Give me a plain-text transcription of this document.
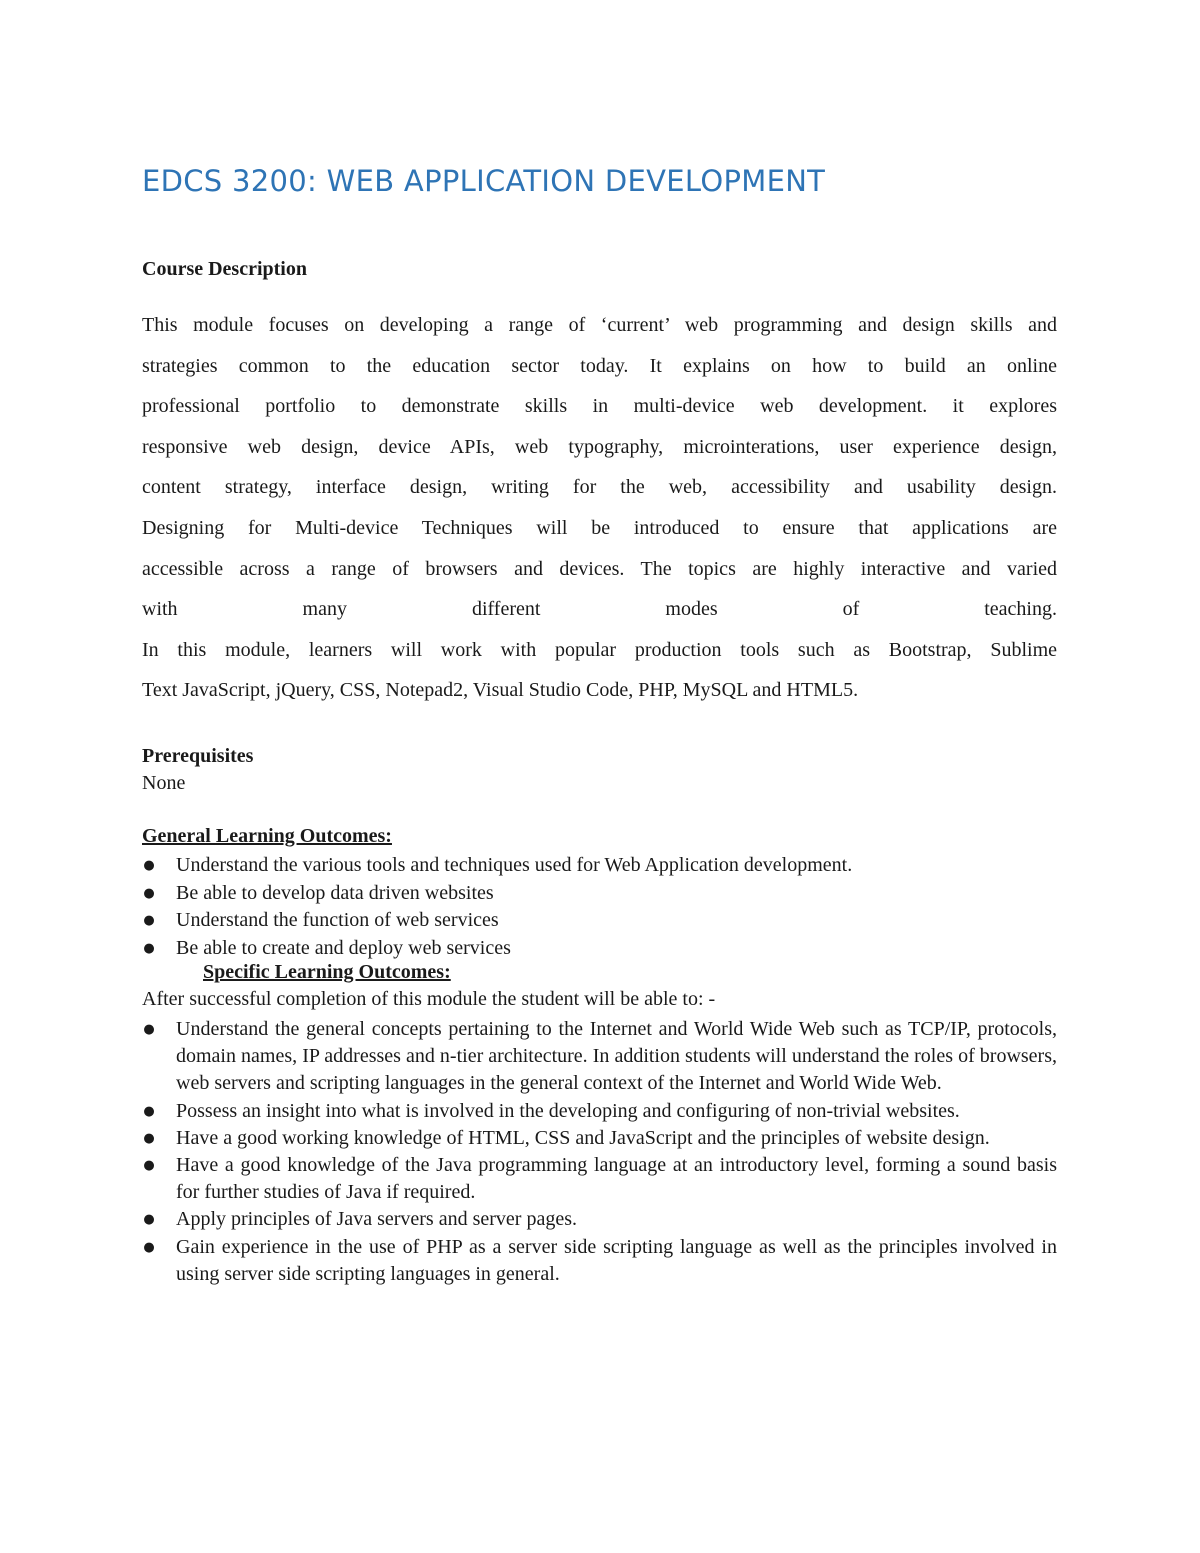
EDCS 3200: WEB APPLICATION DEVELOPMENT
Course Description
This module focuses on developing a range of ‘current’ web programming and design skills and
strategies common to the education sector today. It explains on how to build an online
professional portfolio to demonstrate skills in multi-device web development. it explores
responsive web design, device APIs, web typography, microinterations, user experience design,
content strategy, interface design, writing for the web, accessibility and usability design.
Designing for Multi-device Techniques will be introduced to ensure that applications are
accessible across a range of browsers and devices. The topics are highly interactive and varied
with many different modes of teaching.
In this module, learners will work with popular production tools such as Bootstrap, Sublime
Text JavaScript, jQuery, CSS, Notepad2, Visual Studio Code, PHP, MySQL and HTML5.
Prerequisites

None

General Learning Outcomes:
● Understand the various tools and techniques used for Web Application development.
● Be able to develop data driven websites
● Understand the function of web services
● Be able to create and deploy web services
Specific Learning Outcomes:

After successful completion of this module the student will be able to: -

● Understand the general concepts pertaining to the Internet and World Wide Web such as TCP/IP, protocols, domain names, IP addresses and n-tier architecture. In addition students will understand the roles of browsers, web servers and scripting languages in the general context of the Internet and World Wide Web.
● Possess an insight into what is involved in the developing and configuring of non-trivial websites.
● Have a good working knowledge of HTML, CSS and JavaScript and the principles of website design.
● Have a good knowledge of the Java programming language at an introductory level, forming a sound basis for further studies of Java if required.
● Apply principles of Java servers and server pages.
● Gain experience in the use of PHP as a server side scripting language as well as the principles involved in using server side scripting languages in general.
